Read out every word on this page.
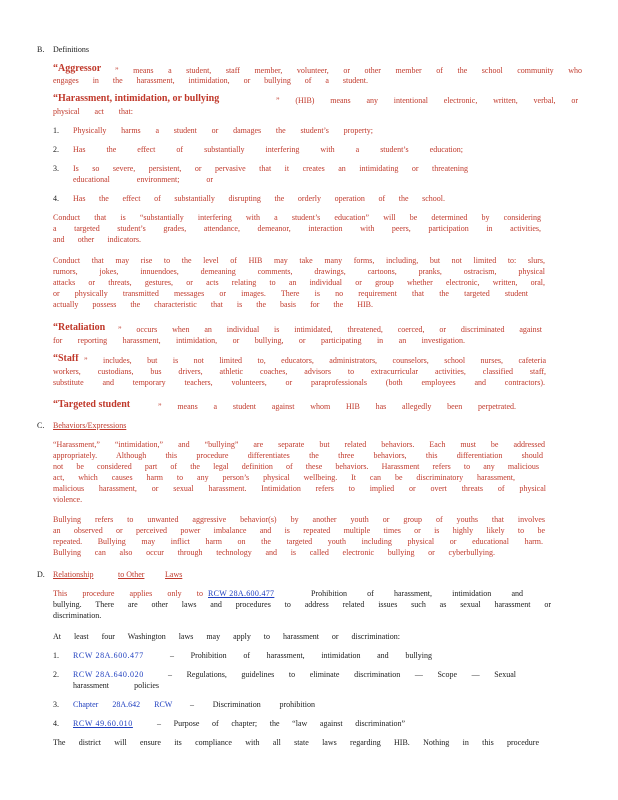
B. Definitions
“Aggressor	” means a student, staff member, volunteer, or other member of the school community who
engages in the harassment, intimidation, or bullying of a student.
“Harassment, intimidation, or bullying	” (HIB) means any intentional electronic, written, verbal, or
physical act that:
1. Physically harms a student or damages the student’s property;
2. Has the effect of substantially interfering with a student’s education;
3. Is so severe, persistent, or pervasive that it creates an intimidating or threatening
educational environment; or
4. Has the effect of substantially disrupting the orderly operation of the school.
Conduct that is “substantially interfering with a student’s education” will be determined by considering
a targeted student’s grades, attendance, demeanor, interaction with peers, participation in activities,
and other indicators.
Conduct that may rise to the level of HIB may take many forms, including, but not limited to: slurs,
rumors, jokes, innuendoes, demeaning comments, drawings, cartoons, pranks, ostracism, physical
attacks or threats, gestures, or acts relating to an individual or group whether electronic, written, oral,
or physically transmitted messages or images. There is no requirement that the targeted student
actually possess the characteristic that is the basis for the HIB.
“Retaliation	” occurs when an individual is intimidated, threatened, coerced, or discriminated against
for reporting harassment, intimidation, or bullying, or participating in an investigation.
“Staff ” includes, but is not limited to, educators, administrators, counselors, school nurses, cafeteria
workers, custodians, bus drivers, athletic coaches, advisors to extracurricular activities, classified staff,
substitute and temporary teachers, volunteers, or paraprofessionals (both employees and contractors).
“Targeted student	” means a student against whom HIB has allegedly been perpetrated.
C. Behaviors/Expressions
“Harassment,” “intimidation,” and “bullying” are separate but related behaviors. Each must be addressed
appropriately. Although this procedure differentiates the three behaviors, this differentiation should
not be considered part of the legal definition of these behaviors. Harassment refers to any malicious
act, which causes harm to any person’s physical wellbeing. It can be discriminatory harassment,
malicious harassment, or sexual harassment. Intimidation refers to implied or overt threats of physical
violence.
Bullying refers to unwanted aggressive behavior(s) by another youth or group of youths that involves
an observed or perceived power imbalance and is repeated multiple times or is highly likely to be
repeated. Bullying may inflict harm on the targeted youth including physical or educational harm.
Bullying can also occur through technology and is called electronic bullying or cyberbullying.
D. Relationship	to Other	Laws
This procedure applies only to RCW 28A.600.477	Prohibition of harassment, intimidation and
bullying. There are other laws and procedures to address related issues such as sexual harassment or
discrimination.
At least four Washington laws may apply to harassment or discrimination:
1. RCW 28A.600.477	– Prohibition of harassment, intimidation and bullying
2. RCW 28A.640.020	– Regulations, guidelines to eliminate discrimination — Scope — Sexual
harassment policies
3. Chapter 28A.642 RCW – Discrimination prohibition
4. RCW 49.60.010	– Purpose of chapter; the “law against discrimination”
The district will ensure its compliance with all state laws regarding HIB. Nothing in this procedure
